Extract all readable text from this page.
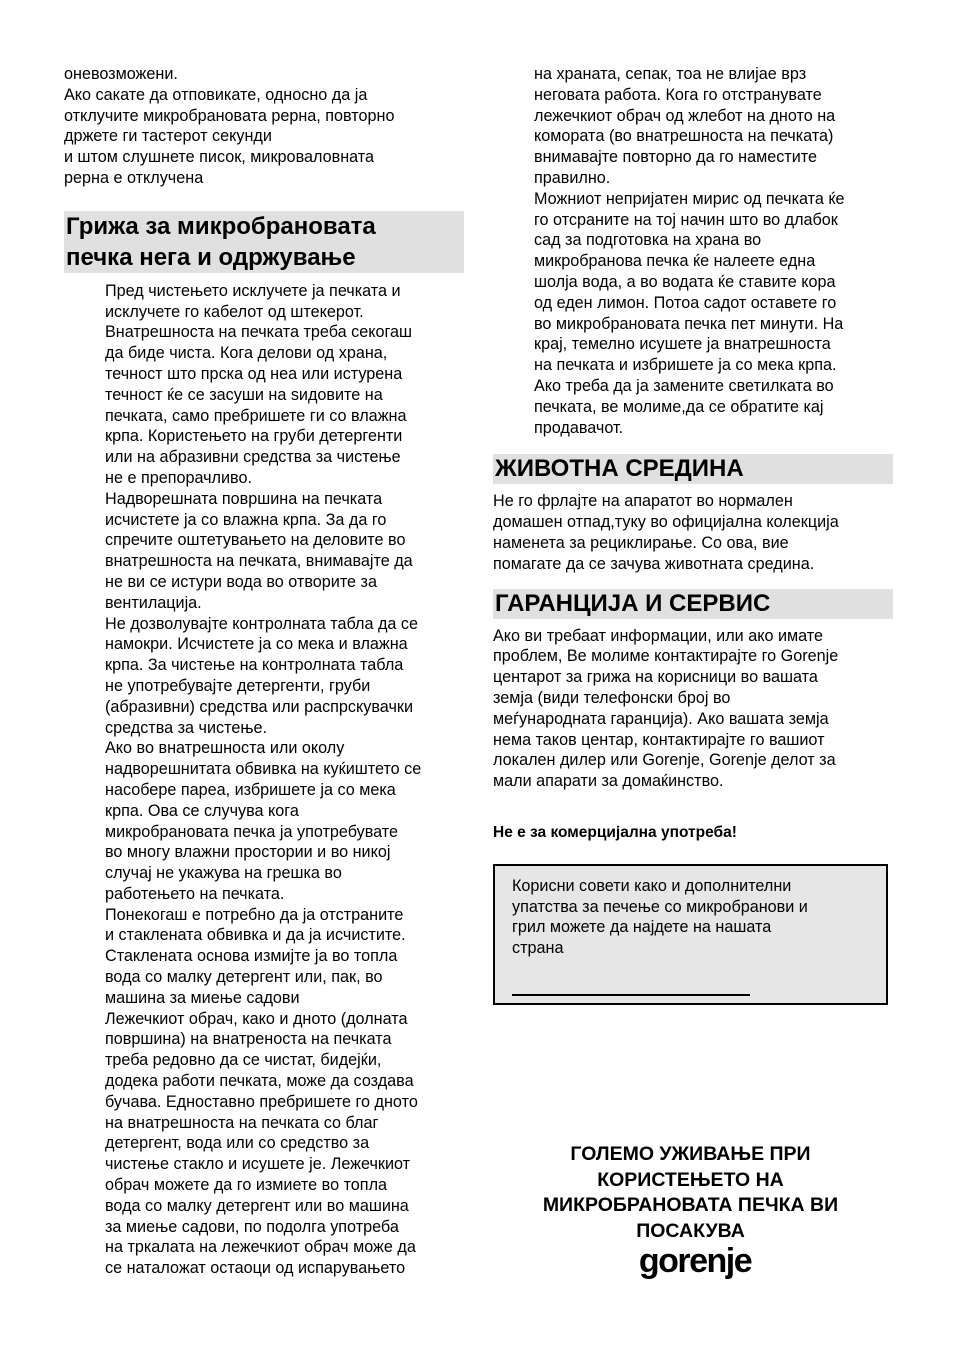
оневозможени.
Ако сакате да отповикате, односно да ја
отклучите микробрановата рерна, повторно
држете ги тастерот секунди
и штом слушнете писок, микроваловната
рерна е отклучена

Грижа за микробрановата
печка нега и одржување

Пред чистењето исклучете ја печката и
исклучете го кабелот од штекерот.
Внатрешноста на печката треба секогаш
да биде чиста. Кога делови од храна,
течност што прска од неа или истурена
течност ќе се засуши на ѕидовите на
печката, само пребришете ги со влажна
крпа. Користењето на груби детергенти
или на абразивни средства за чистење
не е препорачливо.
Надворешната површина на печката
исчистете ја со влажна крпа. За да го
спречите оштетувањето на деловите во
внатрешноста на печката, внимавајте да
не ви се истури вода во отворите за
вентилација.
Не дозволувајте контролната табла да се
намокри. Исчистете ја со мека и влажна
крпа. За чистење на контролната табла
не употребувајте детергенти, груби
(абразивни) средства или распрскувачки
средства за чистење.
Ако во внатрешноста или околу
надворешнитата обвивка на куќиштето се
насобере пареа, избришете ја со мека
крпа. Ова се случува кога
микробрановата печка ја употребувате
во многу влажни простории и во никој
случај не укажува на грешка во
работењето на печката.
Понекогаш е потребно да ја отстраните
и стаклената обвивка и да ја исчистите.
Стаклената основа измијте ја во топла
вода со малку детергент или, пак, во
машина за миење садови
Лежечкиот обрач, како и дното (долната
површина) на внатреноста на печката
треба редовно да се чистат, бидејќи,
додека работи печката, може да создава
бучава. Едноставно пребришете го дното
на внатрешноста на печката со благ
детергент, вода или со средство за
чистење стакло и исушете је. Лежечкиот
обрач можете да го измиете во топла
вода со малку детергент или во машина
за миење садови, по подолга употреба
на тркалата на лежечкиот обрач може да
се наталожат остаоци од испарувањето

на храната, сепак, тоа не влијае врз
неговата работа. Кога го отстранувате
лежечкиот обрач од жлебот на дното на
коморатa (во внатрешноста на печката)
внимавајте повторно да го наместите
правилно.
Можниот непријатен мирис од печката ќе
го отсраните на тој начин што во длабок
сад за подготовка на храна во
микробранова печка ќе налеете една
шолја вода, а во водата ќе ставите кора
од еден лимон. Потоа садот оставете го
во микробрановата печка пет минути. На
крај, темелно исушете ја внатрешноста
на печката и избришете ја со мека крпа.
Ако треба да ја замените светилката во
печката, ве молиме,да се обратите кај
продавачот.

ЖИВОТНА СРЕДИНА

Не го фрлајте на апаратот во нормален
домашен отпад,туку во официјална колекција
наменета за рециклирање. Со ова, вие
помагате да се зачува животната средина.

ГАРАНЦИЈА И СЕРВИС

Ако ви требаат информации, или ако имате
проблем, Ве молиме контактирајте го Gorenje
центарот за грижа на корисници во вашата
земја (види телефонски број во
меѓународната гаранција). Ако вашата земја
нема таков центар, контактирајте го вашиот
локален дилер или Gorenje, Gorenje делот за
мали апарати за домаќинство.

Не е за комерцијална употреба!

Корисни совети како и дополнителни
упатства за печење со микробранови и
грил можете да најдете на нашата
страна
ГОЛЕМО УЖИВАЊЕ ПРИ
КОРИСТЕЊЕТО НА
МИКРОБРАНОВАТА ПЕЧКА ВИ
ПОСАКУВА
gorenje
